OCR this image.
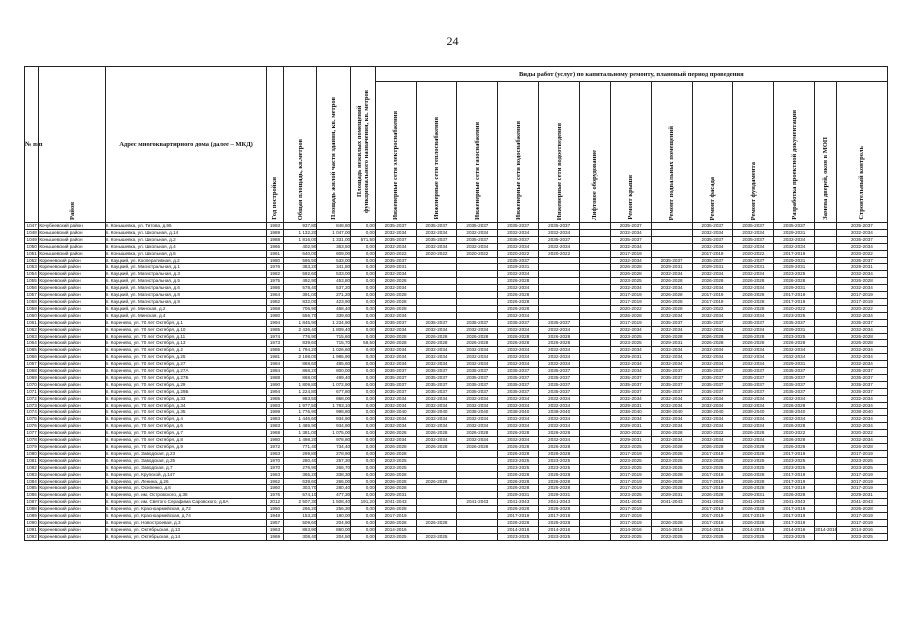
24
№ п/п	Район	Адрес многоквартирного дома (далее – МКД)	Год постройки	Общая площадь, кв.метров	Площадь жилой части здания, кв. метров	Площадь нежилых помещений функционального назначения, кв. метров	Виды работ (услуг) по капитальному ремонту, плановый период проведения												
							Инженерные сети электроснабжения	Инженерные сети теплоснабжения	Инженерные сети газоснабжения	Инженерные сети водоснабжения	Инженерные сети водоотведения	Лифтовое оборудование	Ремонт крыши	Ремонт подвальных помещений	Ремонт фасада	Ремонт фундамента	Разработка проектной документации	Замена дверей, окон в МОП	Строительный контроль
1047	Кочубеевский район	п. Конышевка, ул. Титова, д.96	1993	937,80	848,80	0,00	2035-2037	2035-2037	2035-2037	2035-2037	2035-2037		2035-2037		2035-2037	2035-2037	2035-2037		2035-2037
1048	Конышевский район	п. Конышевка, ул. Школьная, д.14	1989	1 132,20	1 047,00	0,00	2032-2034	2032-2034	2032-2034	2032-2034	2032-2034		2032-2034		2032-2034	2032-2034	2029-2031		2032-2034
1049	Конышевский район	п. Конышевка, ул. Школьная, д.2	1988	1 816,00	1 331,00	571,50	2035-2037	2035-2037	2035-2037	2035-2037	2035-2037		2035-2037		2035-2037	2035-2037	2032-2034		2035-2037
1050	Конышевский район	п. Конышевка, ул. Школьная, д.4	1966	402,90	363,50	0,00	2032-2034	2032-2034	2032-2034	2032-2034	2032-2034		2032-2034		2032-2034	2032-2034	2032-2034		2032-2034
1051	Конышевский район	п. Конышевка, ул. Школьная, д.6	1961	640,00	609,00	0,00	2020-2022	2020-2022	2020-2022	2020-2022	2020-2022		2017-2019		2017-2019	2020-2022	2017-2019		2020-2022
1052	Кореневский район	п. Кауцкий, ул. Кооперативная, д.2	1980	595,50	533,00	0,00	2035-2037			2035-2037			2032-2034	2035-2037	2035-2037	2035-2037	2029-2031		2035-2037
1053	Кореневский район	п. Кауцкий, ул. Магистральная, д.1	1976	383,20	341,80	0,00	2029-2031			2029-2031			2026-2028	2029-2031	2029-2031	2029-2031	2029-2031		2029-2031
1054	Кореневский район	п. Кауцкий, ул. Магистральная, д.3	1982	592,60	533,00	0,00	2032-2034			2032-2034			2026-2028	2032-2034	2032-2034	2032-2034	2023-2025		2032-2034
1055	Кореневский район	п. Кауцкий, ул. Магистральная, д.5	1975	492,90	453,80	0,00	2026-2028			2026-2028			2023-2025	2026-2028	2026-2028	2026-2028	2026-2028		2026-2028
1056	Кореневский район	п. Кауцкий, ул. Магистральная, д.6	1986	578,40	537,20	0,00	2032-2034			2032-2034			2032-2034	2032-2034	2032-2034	2032-2034	2029-2031		2032-2034
1057	Кореневский район	п. Кауцкий, ул. Магистральная, д.8	1964	391,00	271,20	0,00	2026-2028			2026-2028			2017-2019	2026-2028	2017-2019	2026-2028	2017-2019		2017-2019
1058	Кореневский район	п. Кауцкий, ул. Магистральная, д.9	1982	832,00	423,90	0,00	2026-2028			2026-2028			2017-2019	2026-2028	2017-2019	2026-2028	2017-2019		2017-2019
1059	Кореневский район	п. Кауцкий, ул. Минская, д.2	1968	706,90	468,40	0,00	2026-2028			2026-2028			2020-2022	2026-2028	2020-2022	2026-2028	2020-2022		2020-2022
1060	Кореневский район	п. Кауцкий, ул. Минская, д.4	1980	556,70	339,60	0,00	2032-2034			2032-2034			2026-2028	2032-2034	2032-2034	2032-2034	2023-2025		2032-2034
1061	Кореневский район	п. Коренево, ул. 70 лет Октября, д.1	1994	1 845,90	1 234,90	0,00	2035-2037	2035-2037	2035-2037	2035-2037	2035-2037		2017-2019	2035-2037	2035-2037	2035-2037	2035-2037		2035-2037
1062	Кореневский район	п. Коренево, ул. 70 лет Октября, д.10	1985	2 436,40	1 809,40	0,00	2032-2034	2032-2034	2032-2034	2032-2034	2032-2034		2032-2034	2032-2034	2032-2034	2032-2034	2029-2031		2032-2034
1063	Кореневский район	п. Коренево, ул. 70 лет Октября, д.11	1974	776,90	715,60	0,00	2026-2028	2026-2028	2026-2028	2026-2028	2026-2028		2023-2025	2026-2028	2026-2028	2026-2028	2023-2025		2026-2028
1064	Кореневский район	п. Коренево, ул. 70 лет Октября, д.13	1973	839,60	715,70	58,50	2026-2028	2026-2028	2026-2028	2026-2028	2026-2028		2023-2025	2029-2031	2026-2028	2026-2028	2026-2028		2026-2028
1065	Кореневский район	п. Коренево, ул. 70 лет Октября, д.2	1985	1 794,20	1 026,60	0,00	2032-2034	2032-2034	2032-2034	2032-2034	2032-2034		2032-2034	2032-2034	2032-2034	2032-2034	2032-2034		2032-2034
1066	Кореневский район	п. Коренево, ул. 70 лет Октября, д.25	1981	2 198,00	1 985,90	0,00	2032-2034	2032-2034	2032-2034	2032-2034	2032-2034		2029-2031	2032-2034	2032-2034	2032-2034	2032-2034		2032-2034
1067	Кореневский район	п. Коренево, ул. 70 лет Октября, д.27	1984	868,60	485,60	0,00	2032-2034	2032-2034	2032-2034	2032-2034	2032-2034		2032-2034	2032-2034	2032-2034	2032-2034	2029-2031		2032-2034
1068	Кореневский район	п. Коренево, ул. 70 лет Октября, д.27А	1984	868,20	800,00	0,00	2035-2037	2035-2037	2035-2037	2035-2037	2035-2037		2032-2034	2035-2037	2035-2037	2035-2037	2035-2037		2035-2037
1069	Кореневский район	п. Коренево, ул. 70 лет Октября, д.27Б	1988	868,00	499,40	0,00	2035-2037	2035-2037	2035-2037	2035-2037	2035-2037		2035-2037	2035-2037	2035-2037	2035-2037	2035-2037		2035-2037
1070	Кореневский район	п. Коренево, ул. 70 лет Октября, д.29	1990	1 809,80	1 072,90	0,00	2035-2037	2035-2037	2035-2037	2035-2037	2035-2037		2035-2037	2035-2037	2035-2037	2035-2037	2035-2037		2035-2037
1071	Кореневский район	п. Коренево, ул. 70 лет Октября, д.29Б	1994	1 224,80	677,80	0,00	2035-2037	2035-2037	2035-2037	2035-2037	2035-2037		2035-2037	2035-2037	2035-2037	2035-2037	2035-2037		2035-2037
1072	Кореневский район	п. Коренево, ул. 70 лет Октября, д.33	1985	983,50	868,00	0,00	2032-2034	2032-2034	2032-2034	2032-2034	2032-2034		2032-2034	2032-2034	2032-2034	2032-2034	2032-2034		2032-2034
1073	Кореневский район	п. Коренево, ул. 70 лет Октября, д.34	1993	1 977,50	1 783,10	0,00	2032-2034	2032-2034	2032-2034	2032-2034	2032-2034		2029-2031	2032-2034	2032-2034	2032-2034	2026-2028		2032-2034
1074	Кореневский район	п. Коренево, ул. 70 лет Октября, д.35	1999	1 776,90	998,80	0,00	2038-2040	2038-2040	2038-2040	2038-2040	2038-2040		2038-2040	2038-2040	2038-2040	2038-2040	2038-2040		2038-2040
1075	Кореневский район	п. Коренево, ул. 70 лет Октября, д.4	1983	1 446,60	934,90	0,00	2032-2034	2032-2034	2032-2034	2032-2034	2032-2034		2032-2034	2032-2034	2032-2034	2032-2034	2032-2034		2032-2034
1076	Кореневский район	п. Коренево, ул. 70 лет Октября, д.6	1983	1 486,90	934,90	0,00	2032-2034	2032-2034	2032-2034	2032-2034	2032-2034		2029-2031	2032-2034	2032-2034	2032-2034	2026-2028		2032-2034
1077	Кореневский район	п. Коренево, ул. 70 лет Октября, д.7	1968	1 381,00	1 075,00	0,00	2026-2028	2026-2028	2026-2028	2026-2028	2026-2028		2020-2022	2026-2028	2020-2022	2026-2028	2020-2022		2020-2022
1078	Кореневский район	п. Коренево, ул. 70 лет Октября, д.8	1980	1 498,20	978,80	0,00	2032-2034	2032-2034	2032-2034	2032-2034	2032-2034		2029-2031	2032-2034	2032-2034	2032-2034	2026-2028		2032-2034
1079	Кореневский район	п. Коренево, ул. 70 лет Октября, д.9	1972	771,40	734,40	0,00	2026-2028	2026-2028	2026-2028	2026-2028	2026-2028		2023-2025	2026-2028	2026-2028	2026-2028	2026-2028		2026-2028
1080	Кореневский район	п. Коренево, ул. Заводская, д.23	1963	299,80	278,90	0,00	2026-2028			2026-2028	2026-2028		2017-2019	2026-2028	2017-2019	2026-2028	2017-2019		2017-2019
1081	Кореневский район	п. Коренево, ул. Заводская, д.25	1970	280,40	257,30	0,00	2023-2025			2023-2025	2023-2025		2023-2025	2023-2025	2023-2025	2023-2025	2023-2025		2023-2025
1082	Кореневский район	п. Коренево, ул. Заводская, д.7	1970	276,90	266,70	0,00	2023-2025			2023-2025	2023-2025		2023-2025	2023-2025	2023-2025	2023-2025	2023-2025		2023-2025
1083	Кореневский район	п. Коренево, ул. Крупской, д.147	1963	365,20	338,30	0,00	2026-2028			2026-2028	2026-2028		2017-2019	2026-2028	2017-2019	2026-2028	2017-2019		2017-2019
1084	Кореневский район	п. Коренево, ул. Ленина, д.26	1962	639,60	266,00	0,00	2026-2028	2026-2028		2026-2028	2026-2028		2017-2019	2026-2028	2017-2019	2026-2028	2017-2019		2017-2019
1085	Кореневский район	п. Коренево, ул. Осипенко, д.6	1960	303,70	280,40	0,00	2026-2028			2026-2028	2026-2028		2017-2019	2026-2028	2017-2019	2026-2028	2017-2019		2017-2019
1086	Кореневский район	п. Коренево, ул. им. Островского, д.35	1976	574,10	477,30	0,00	2029-2031			2029-2031	2029-2031		2023-2025	2029-2031	2026-2028	2029-2031	2026-2028		2029-2031
1087	Кореневский район	п. Коренево, ул. им. Святого Серафима Саровского, д.6А	2012	2 507,30	1 508,40	191,20	2041-2043		2041-2043	2041-2043	2041-2043		2041-2043	2041-2043	2041-2043	2041-2043	2041-2043		2041-2043
1088	Кореневский район	п. Коренево, ул. Красноармейская, д.72	1950	266,20	256,30	0,00	2026-2028			2026-2028	2026-2028		2017-2019		2017-2019	2026-2028	2017-2019		2026-2028
1089	Кореневский район	п. Коренево, ул. Красноармейская, д.74	1948	153,20	180,00	0,00	2017-2019			2017-2019	2017-2019		2017-2019		2017-2019	2017-2019	2017-2019		2017-2019
1090	Кореневский район	п. Коренево, ул. Новостроевая, д.3	1957	509,60	204,90	0,00	2026-2028	2026-2028		2026-2028	2026-2028		2017-2019	2026-2028	2017-2019	2026-2028	2017-2019		2017-2019
1091	Кореневский район	п. Коренево, ул. Октябрьская, д.13	1963	863,90	860,00	0,00	2014-2016			2014-2016	2014-2016		2014-2016	2014-2016	2014-2016	2014-2016	2014-2016	2014-2016	2014-2016
1092	Кореневский район	п. Коренево, ул. Октябрьская, д.14	1969	308,40	204,50	0,00	2023-2025	2023-2025		2023-2025	2023-2025		2023-2025	2023-2025	2023-2025	2023-2025	2023-2025		2023-2025
